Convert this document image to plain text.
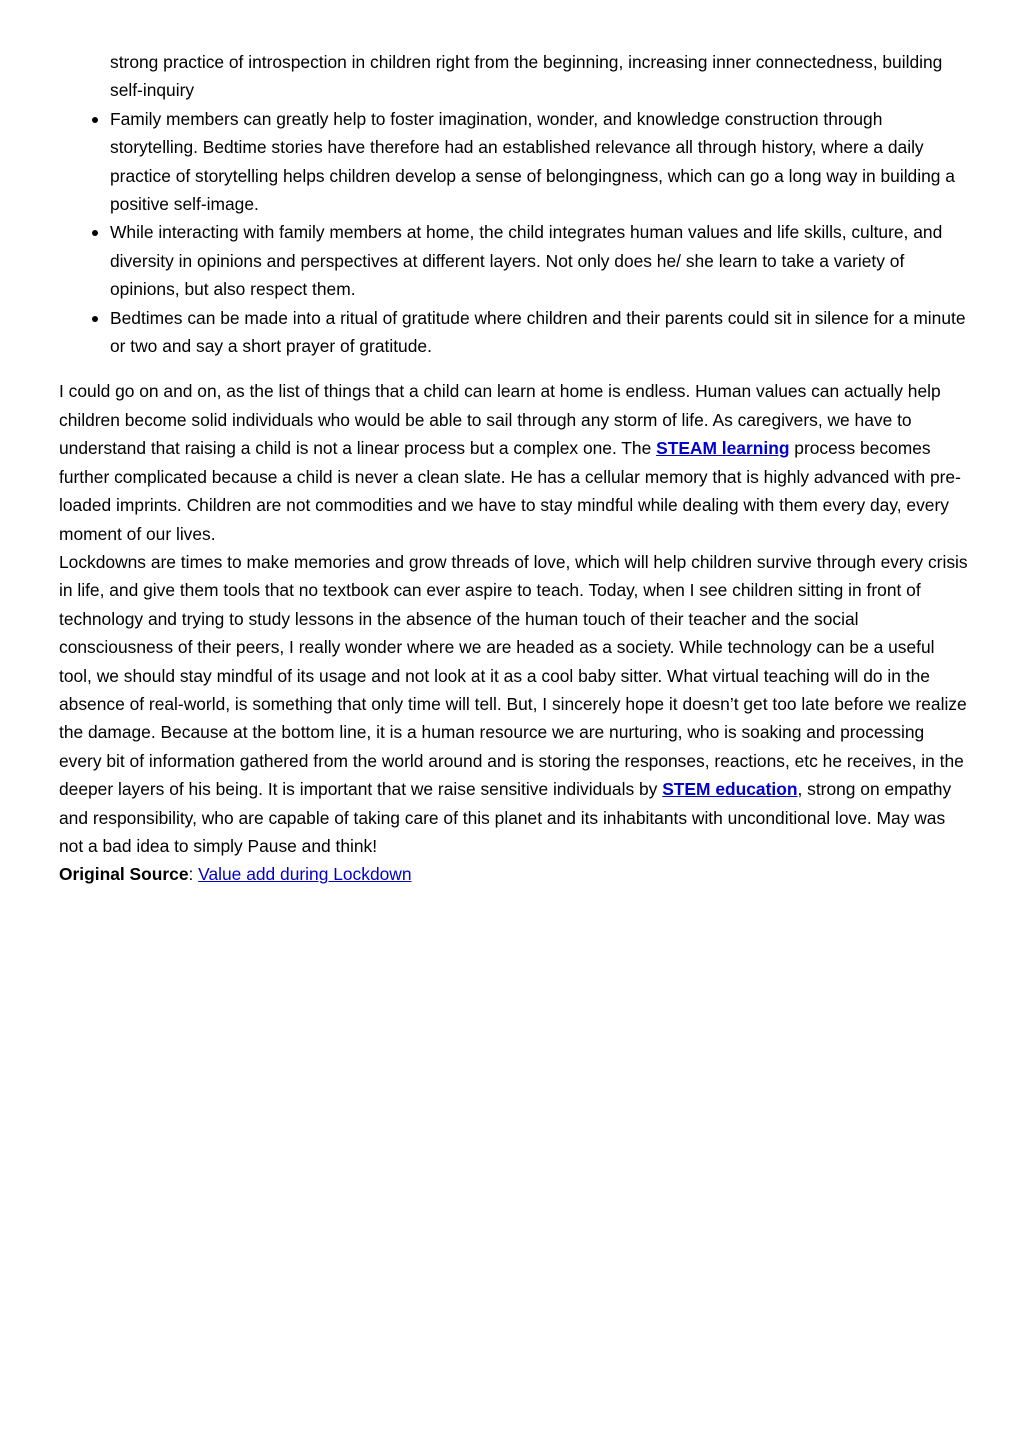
strong practice of introspection in children right from the beginning, increasing inner connectedness, building self-inquiry
Family members can greatly help to foster imagination, wonder, and knowledge construction through storytelling. Bedtime stories have therefore had an established relevance all through history, where a daily practice of storytelling helps children develop a sense of belongingness, which can go a long way in building a positive self-image.
While interacting with family members at home, the child integrates human values and life skills, culture, and diversity in opinions and perspectives at different layers. Not only does he/ she learn to take a variety of opinions, but also respect them.
Bedtimes can be made into a ritual of gratitude where children and their parents could sit in silence for a minute or two and say a short prayer of gratitude.

I could go on and on, as the list of things that a child can learn at home is endless. Human values can actually help children become solid individuals who would be able to sail through any storm of life. As caregivers, we have to understand that raising a child is not a linear process but a complex one. The STEAM learning process becomes further complicated because a child is never a clean slate. He has a cellular memory that is highly advanced with pre-loaded imprints. Children are not commodities and we have to stay mindful while dealing with them every day, every moment of our lives.

Lockdowns are times to make memories and grow threads of love, which will help children survive through every crisis in life, and give them tools that no textbook can ever aspire to teach. Today, when I see children sitting in front of technology and trying to study lessons in the absence of the human touch of their teacher and the social consciousness of their peers, I really wonder where we are headed as a society. While technology can be a useful tool, we should stay mindful of its usage and not look at it as a cool baby sitter. What virtual teaching will do in the absence of real-world, is something that only time will tell. But, I sincerely hope it doesn’t get too late before we realize the damage. Because at the bottom line, it is a human resource we are nurturing, who is soaking and processing every bit of information gathered from the world around and is storing the responses, reactions, etc he receives, in the deeper layers of his being. It is important that we raise sensitive individuals by STEM education, strong on empathy and responsibility, who are capable of taking care of this planet and its inhabitants with unconditional love. May was not a bad idea to simply Pause and think!

Original Source: Value add during Lockdown
